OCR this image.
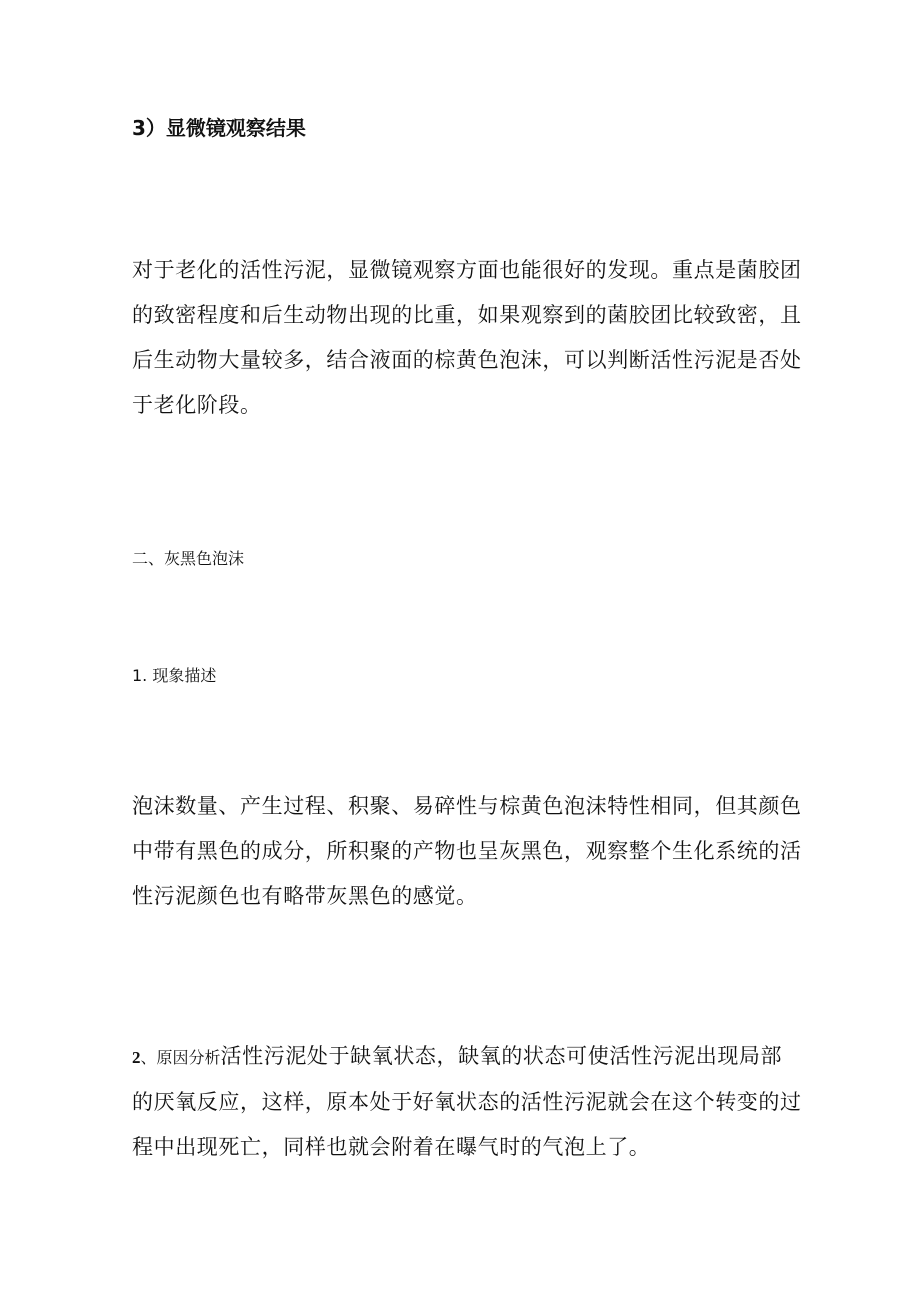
3）显微镜观察结果

对于老化的活性污泥，显微镜观察方面也能很好的发现。重点是菌胶团的致密程度和后生动物出现的比重，如果观察到的菌胶团比较致密，且后生动物大量较多，结合液面的棕黄色泡沫，可以判断活性污泥是否处于老化阶段。

二、灰黑色泡沫
1. 现象描述

泡沫数量、产生过程、积聚、易碎性与棕黄色泡沫特性相同，但其颜色中带有黑色的成分，所积聚的产物也呈灰黑色，观察整个生化系统的活性污泥颜色也有略带灰黑色的感觉。

2、原因分析活性污泥处于缺氧状态，缺氧的状态可使活性污泥出现局部的厌氧反应，这样，原本处于好氧状态的活性污泥就会在这个转变的过程中出现死亡，同样也就会附着在曝气时的气泡上了。
